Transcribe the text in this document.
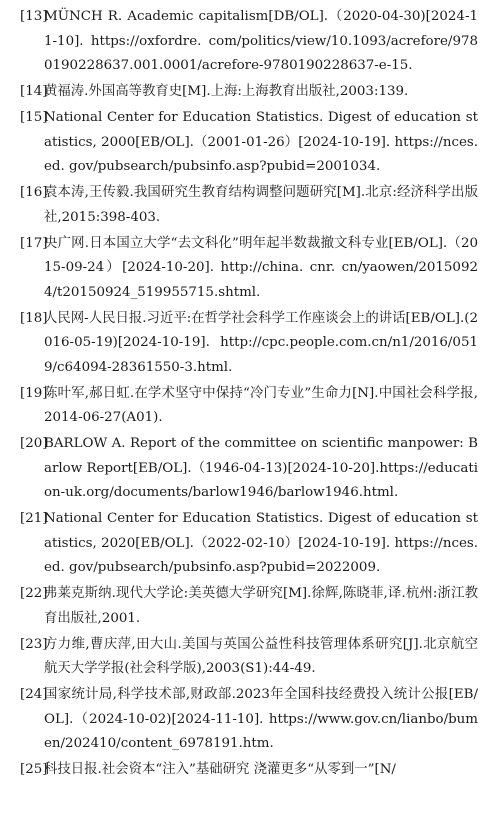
[13]
MÜNCH R. Academic capitalism[DB/OL].（2020-04-30)[2024-11-10]. https://oxfordre. com/politics/view/10.1093/acrefore/9780190228637.001.0001/acrefore-9780190228637-e-15.
[14]
黄福涛.外国高等教育史[M].上海:上海教育出版社,2003:139.
[15]
National Center for Education Statistics. Digest of education statistics, 2000[EB/OL].（2001-01-26）[2024-10-19]. https://nces. ed. gov/pubsearch/pubsinfo.asp?pubid=2001034.
[16]
袁本涛,王传毅.我国研究生教育结构调整问题研究[M].北京:经济科学出版社,2015:398-403.
[17]
央广网.日本国立大学“去文科化”明年起半数裁撤文科专业[EB/OL].（2015-09-24）[2024-10-20]. http://china. cnr. cn/yaowen/20150924/t20150924_519955715.shtml.
[18]
人民网-人民日报.习近平:在哲学社会科学工作座谈会上的讲话[EB/OL].(2016-05-19)[2024-10-19]. http://cpc.people.com.cn/n1/2016/0519/c64094-28361550-3.html.
[19]
陈叶军,郝日虹.在学术坚守中保持“冷门专业”生命力[N].中国社会科学报,2014-06-27(A01).
[20]
BARLOW A. Report of the committee on scientific manpower: Barlow Report[EB/OL].（1946-04-13)[2024-10-20].https://education-uk.org/documents/barlow1946/barlow1946.html.
[21]
National Center for Education Statistics. Digest of education statistics, 2020[EB/OL].（2022-02-10）[2024-10-19]. https://nces. ed. gov/pubsearch/pubsinfo.asp?pubid=2022009.
[22]
弗莱克斯纳.现代大学论:美英德大学研究[M].徐辉,陈晓菲,译.杭州:浙江教育出版社,2001.
[23]
方力维,曹庆萍,田大山.美国与英国公益性科技管理体系研究[J].北京航空航天大学学报(社会科学版),2003(S1):44-49.
[24]
国家统计局,科学技术部,财政部.2023年全国科技经费投入统计公报[EB/OL].（2024-10-02)[2024-11-10]. https://www.gov.cn/lianbo/bumen/202410/content_6978191.htm.
[25]
科技日报.社会资本“注入”基础研究 浇灌更多“从零到一”[N/
